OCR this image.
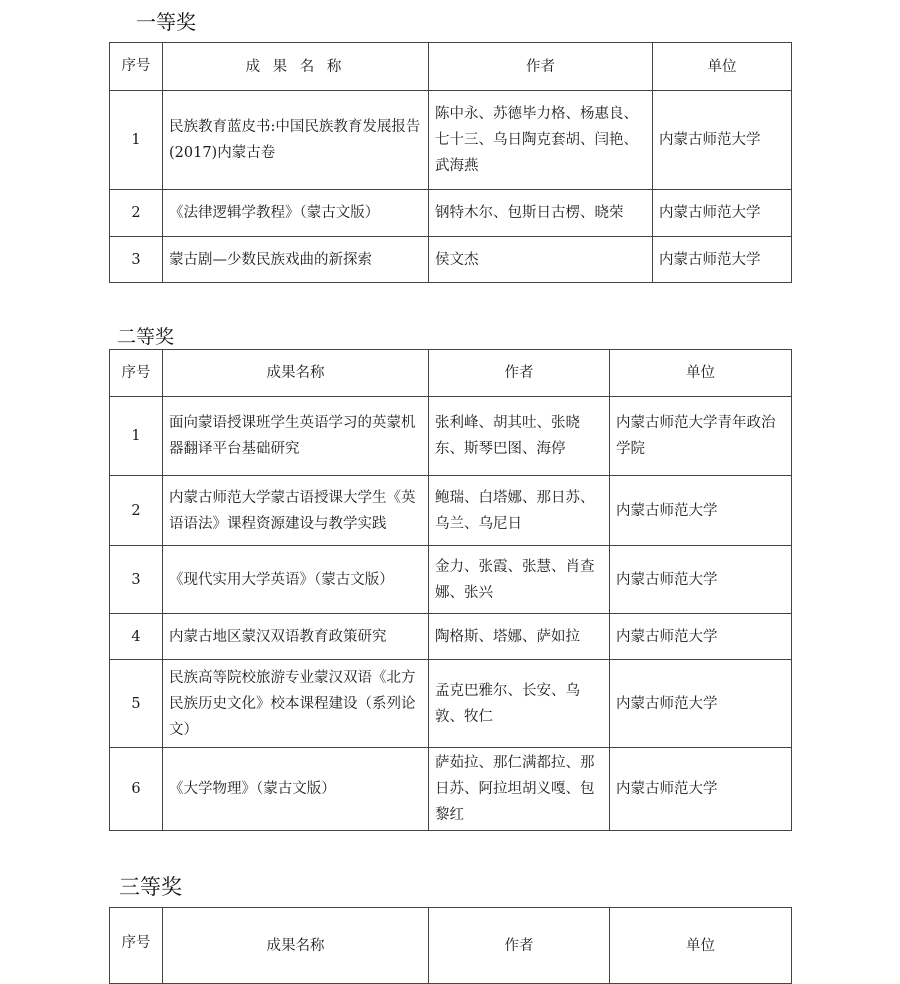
一等奖
序号	成 果 名 称	作者	单位
1	民族教育蓝皮书:中国民族教育发展报告(2017)内蒙古卷	陈中永、苏德毕力格、杨惠良、七十三、乌日陶克套胡、闫艳、武海燕	内蒙古师范大学
2	《法律逻辑学教程》（蒙古文版）	钢特木尔、包斯日古楞、晓荣	内蒙古师范大学
3	蒙古剧—少数民族戏曲的新探索	侯文杰	内蒙古师范大学
二等奖
序号	成果名称	作者	单位
1	面向蒙语授课班学生英语学习的英蒙机器翻译平台基础研究	张利峰、胡其吐、张晓东、斯琴巴图、海停	内蒙古师范大学青年政治学院
2	内蒙古师范大学蒙古语授课大学生《英语语法》课程资源建设与教学实践	鲍瑞、白塔娜、那日苏、乌兰、乌尼日	内蒙古师范大学
3	《现代实用大学英语》（蒙古文版）	金力、张霞、张慧、肖查娜、张兴	内蒙古师范大学
4	内蒙古地区蒙汉双语教育政策研究	陶格斯、塔娜、萨如拉	内蒙古师范大学
5	民族高等院校旅游专业蒙汉双语《北方民族历史文化》校本课程建设（系列论文）	孟克巴雅尔、长安、乌敦、牧仁	内蒙古师范大学
6	《大学物理》（蒙古文版）	萨茹拉、那仁满都拉、那日苏、阿拉坦胡义嘎、包黎红	内蒙古师范大学
三等奖
序号	成果名称	作者	单位
